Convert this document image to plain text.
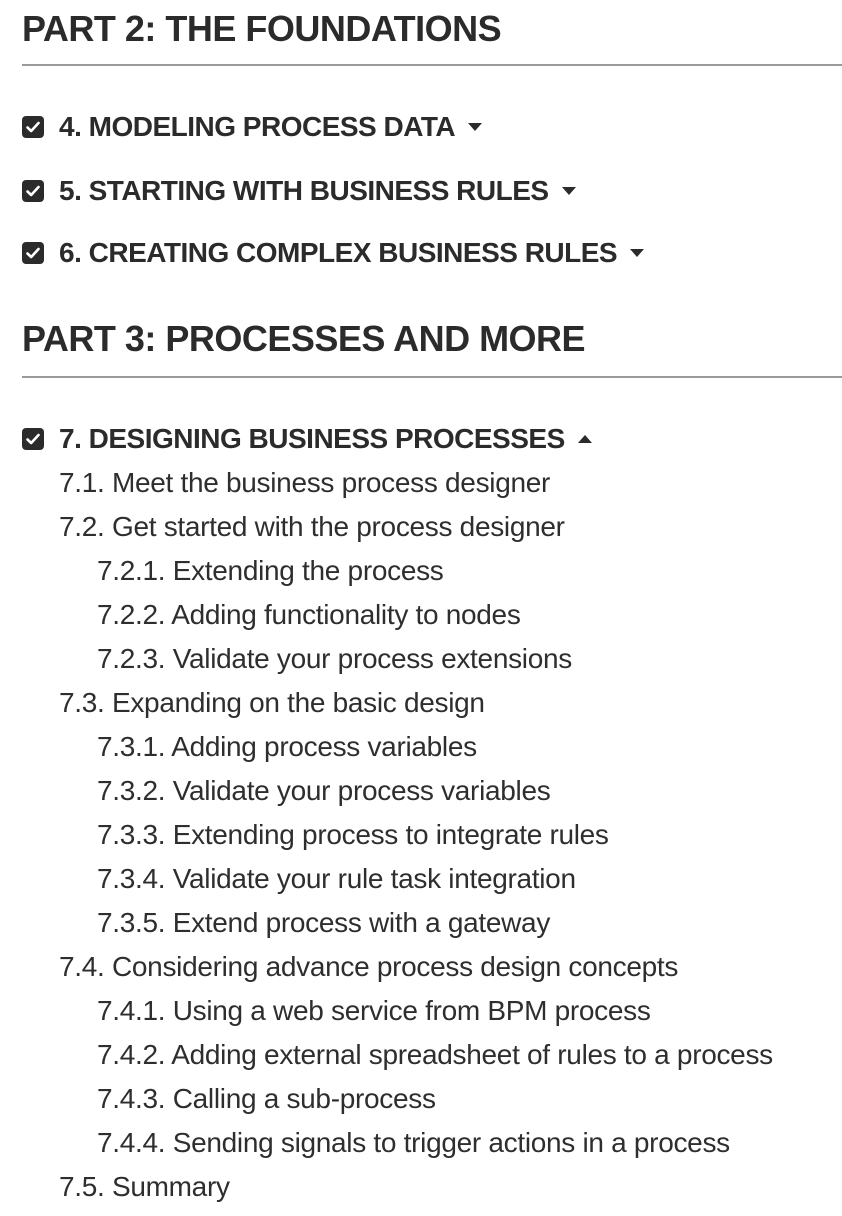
PART 2: THE FOUNDATIONS
4. MODELING PROCESS DATA
5. STARTING WITH BUSINESS RULES
6. CREATING COMPLEX BUSINESS RULES
PART 3: PROCESSES AND MORE
7. DESIGNING BUSINESS PROCESSES
7.1. Meet the business process designer
7.2. Get started with the process designer
7.2.1. Extending the process
7.2.2. Adding functionality to nodes
7.2.3. Validate your process extensions
7.3. Expanding on the basic design
7.3.1. Adding process variables
7.3.2. Validate your process variables
7.3.3. Extending process to integrate rules
7.3.4. Validate your rule task integration
7.3.5. Extend process with a gateway
7.4. Considering advance process design concepts
7.4.1. Using a web service from BPM process
7.4.2. Adding external spreadsheet of rules to a process
7.4.3. Calling a sub-process
7.4.4. Sending signals to trigger actions in a process
7.5. Summary
